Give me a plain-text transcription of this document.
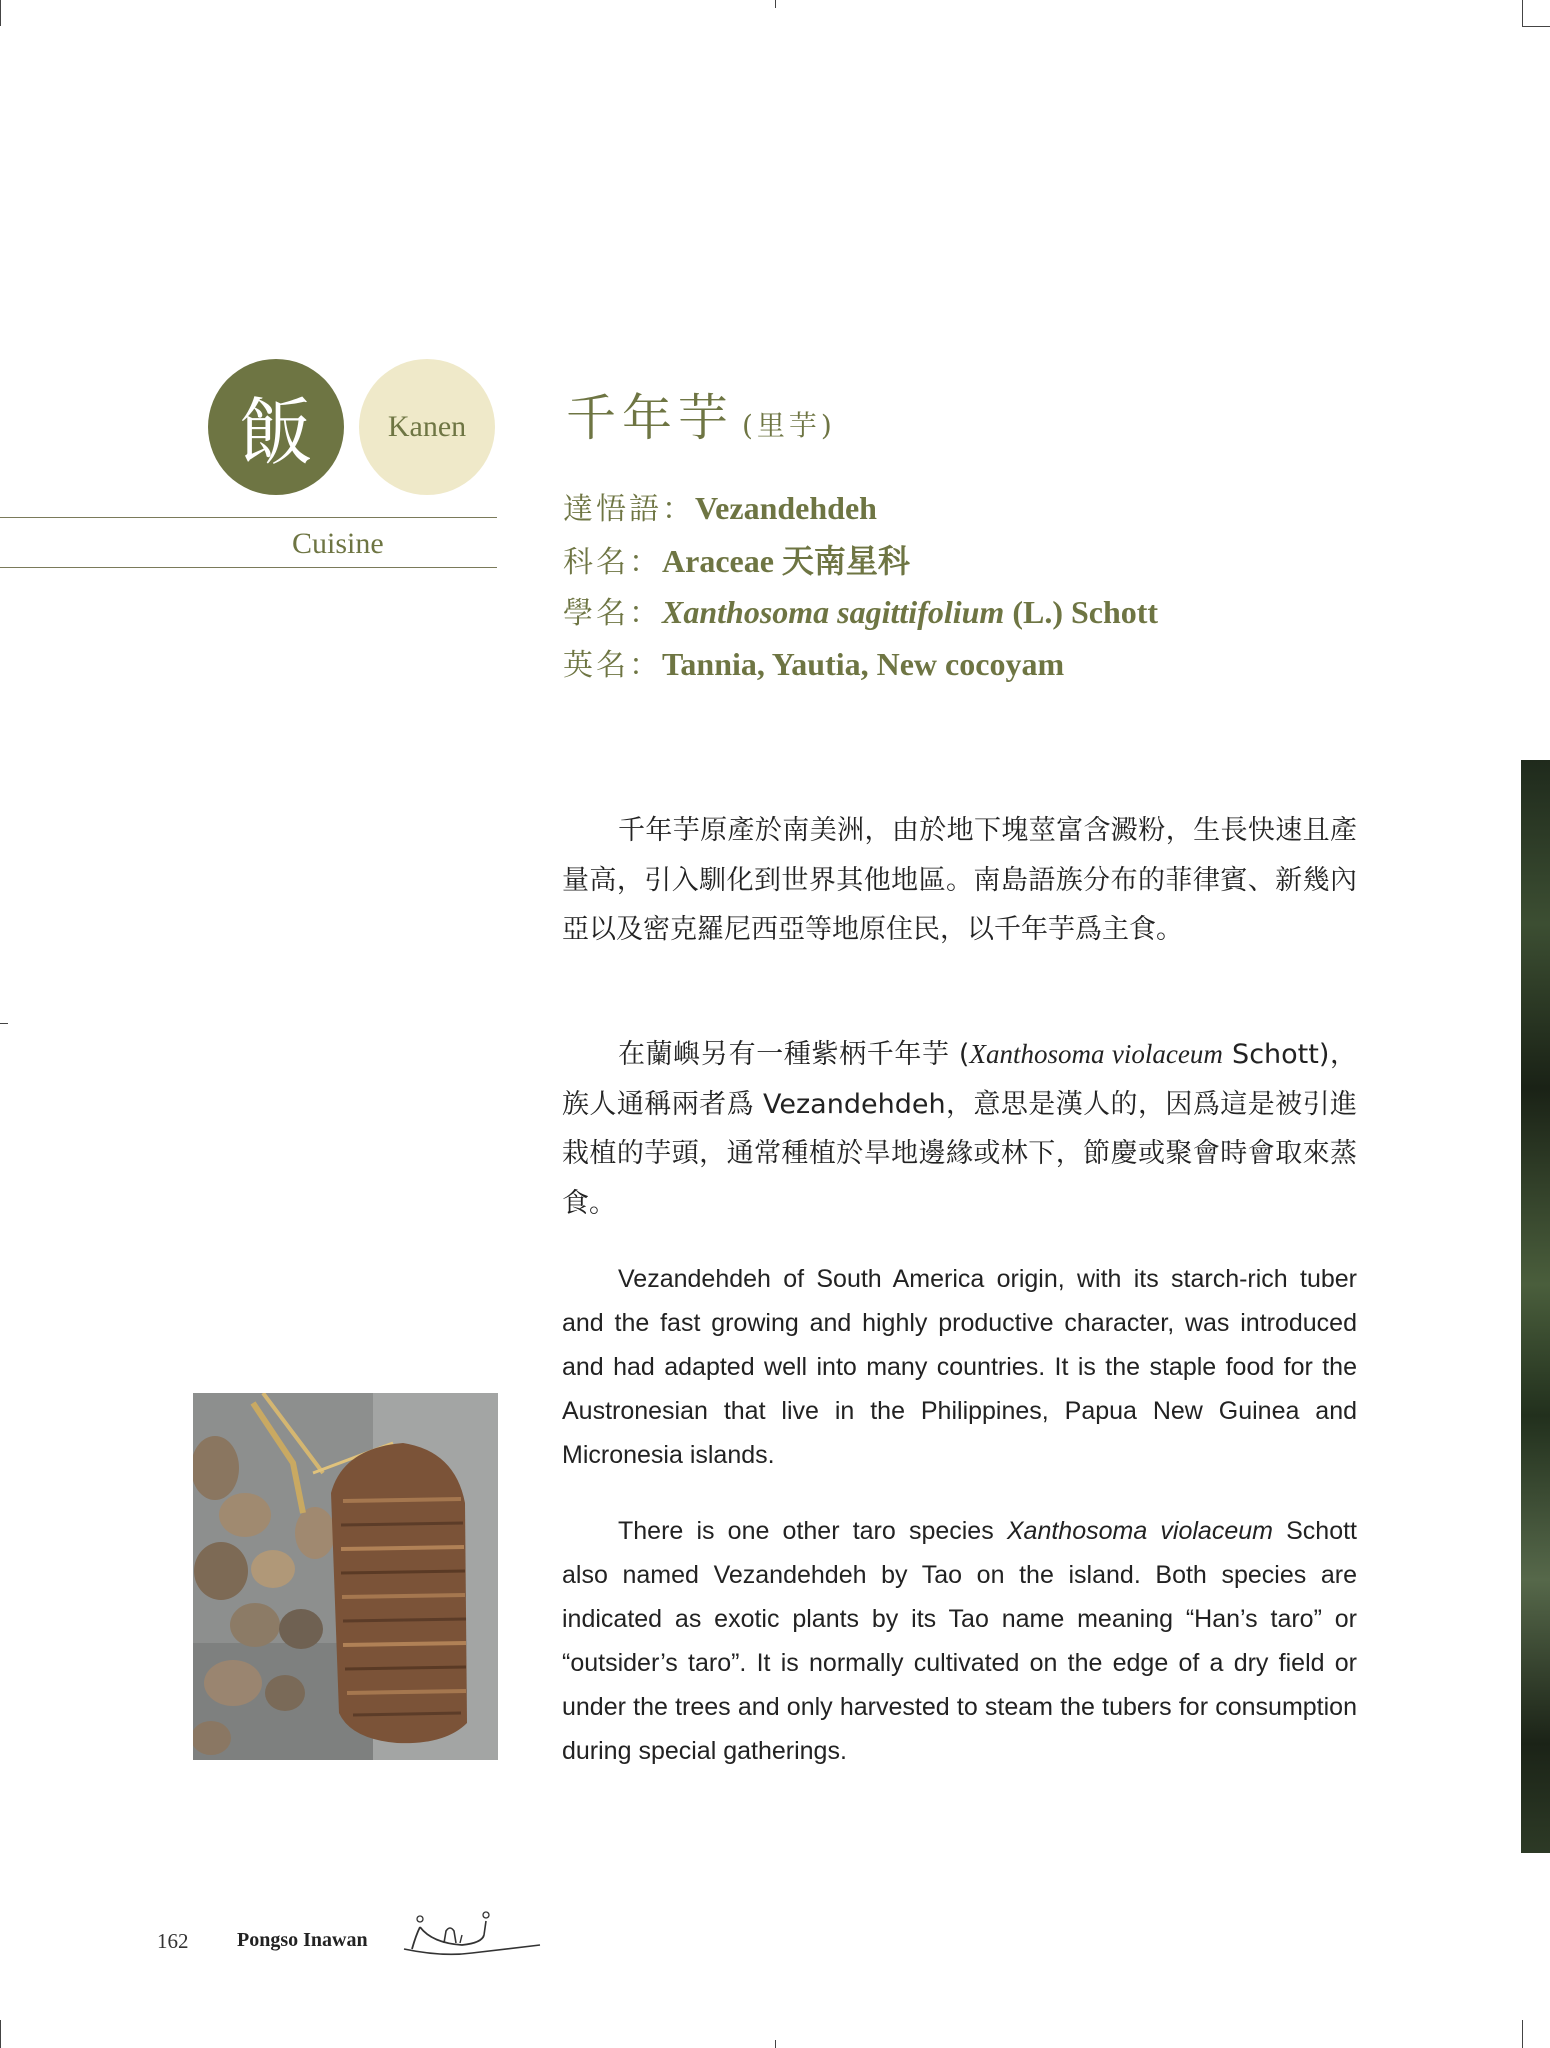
飯 Kanen
Cuisine
千年芋 (里芋)
達悟語：Vezandehdeh
科名：Araceae 天南星科
學名：Xanthosoma sagittifolium (L.) Schott
英名：Tannia, Yautia, New cocoyam

千年芋原產於南美洲，由於地下塊莖富含澱粉，生長快速且產量高，引入馴化到世界其他地區。南島語族分布的菲律賓、新幾內亞以及密克羅尼西亞等地原住民，以千年芋爲主食。

在蘭嶼另有一種紫柄千年芋 (Xanthosoma violaceum Schott)，族人通稱兩者爲 Vezandehdeh，意思是漢人的，因爲這是被引進栽植的芋頭，通常種植於旱地邊緣或林下，節慶或聚會時會取來蒸食。

Vezandehdeh of South America origin, with its starch-rich tuber and the fast growing and highly productive character, was introduced and had adapted well into many countries. It is the staple food for the Austronesian that live in the Philippines, Papua New Guinea and Micronesia islands.

There is one other taro species Xanthosoma violaceum Schott also named Vezandehdeh by Tao on the island. Both species are indicated as exotic plants by its Tao name meaning “Han’s taro” or “outsider’s taro”. It is normally cultivated on the edge of a dry field or under the trees and only harvested to steam the tubers for consumption during special gatherings.

162 Pongso Inawan
